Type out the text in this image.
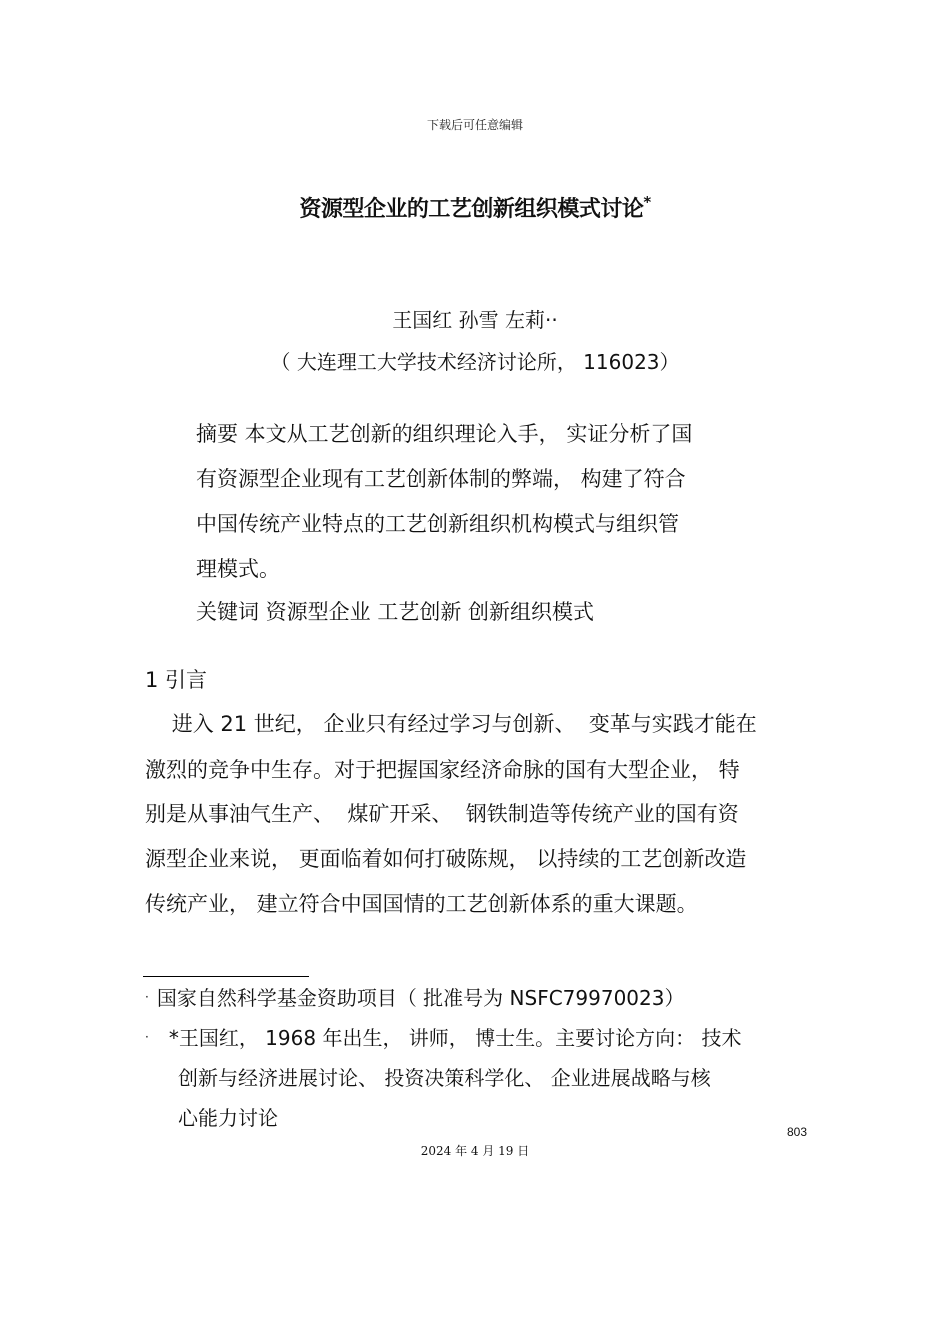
下载后可任意编辑
资源型企业的工艺创新组织模式讨论*
王国红 孙雪 左莉··
（ 大连理工大学技术经济讨论所， 116023）
摘要 本文从工艺创新的组织理论入手， 实证分析了国
有资源型企业现有工艺创新体制的弊端， 构建了符合
中国传统产业特点的工艺创新组织机构模式与组织管
理模式。
关键词 资源型企业 工艺创新 创新组织模式
1 引言
进入 21 世纪， 企业只有经过学习与创新、  变革与实践才能在
激烈的竞争中生存。对于把握国家经济命脉的国有大型企业， 特
别是从事油气生产、  煤矿开采、  钢铁制造等传统产业的国有资
源型企业来说， 更面临着如何打破陈规， 以持续的工艺创新改造
传统产业， 建立符合中国国情的工艺创新体系的重大课题。
· 国家自然科学基金资助项目（ 批准号为 NSFC79970023）
· *王国红， 1968 年出生， 讲师， 博士生。主要讨论方向： 技术
创新与经济进展讨论、 投资决策科学化、 企业进展战略与核
心能力讨论
803
2024 年 4 月 19 日
